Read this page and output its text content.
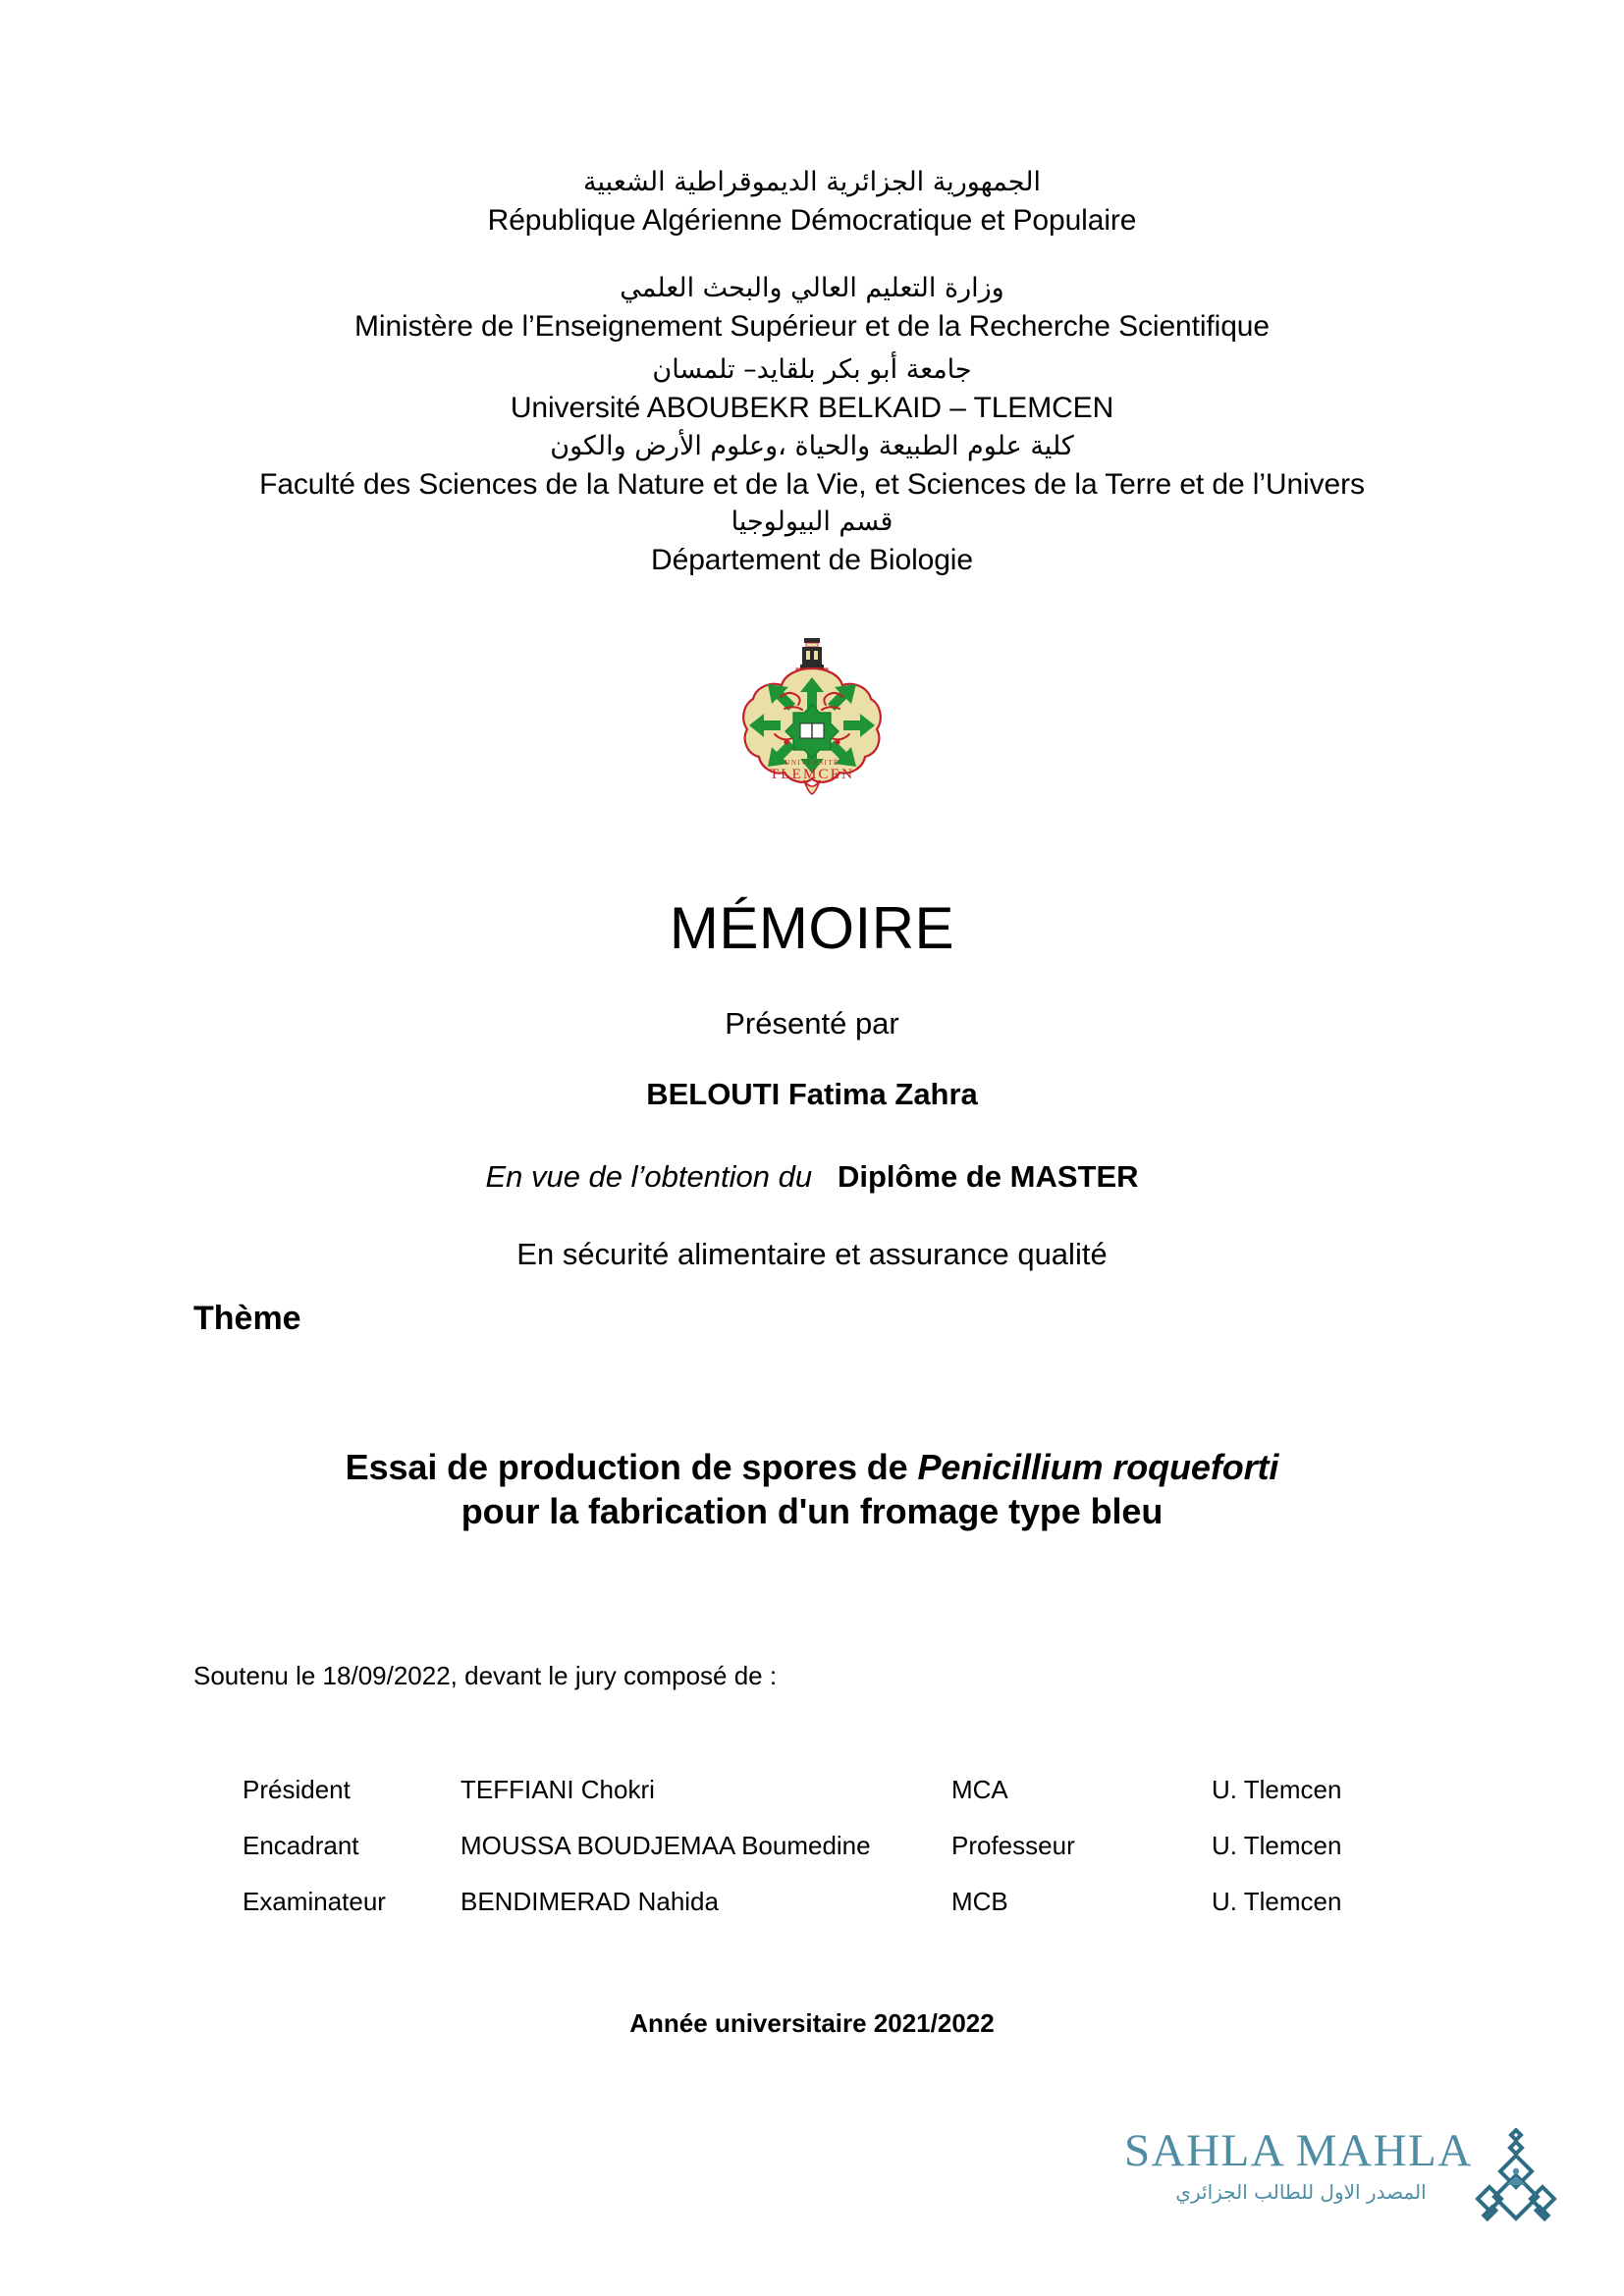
الجمهورية الجزائرية الديموقراطية الشعبية

République Algérienne Démocratique et Populaire

وزارة التعليم العالي والبحث العلمي

Ministère de l’Enseignement Supérieur et de la Recherche Scientifique

جامعة أبو بكر بلقايد– تلمسان

Université ABOUBEKR BELKAID – TLEMCEN

كلية علوم الطبيعة والحياة ،وعلوم الأرض والكون

Faculté des Sciences de la Nature et de la Vie, et Sciences de la Terre et de l’Univers

قسم البيولوجيا

Département de Biologie

UNIVERSITÉ
TLEMCEN
MÉMOIRE
Présenté par
BELOUTI Fatima Zahra
En vue de l’obtention du Diplôme de MASTER
En sécurité alimentaire et assurance qualité
Thème
Essai de production de spores de Penicillium roqueforti
pour la fabrication d'un fromage type bleu
Soutenu le 18/09/2022, devant le jury composé de :
Président	TEFFIANI Chokri	MCA	U. Tlemcen
Encadrant	MOUSSA BOUDJEMAA Boumedine	Professeur	U. Tlemcen
Examinateur	BENDIMERAD Nahida	MCB	U. Tlemcen
Année universitaire 2021/2022
SAHLA MAHLA
المصدر الاول للطالب الجزائري
